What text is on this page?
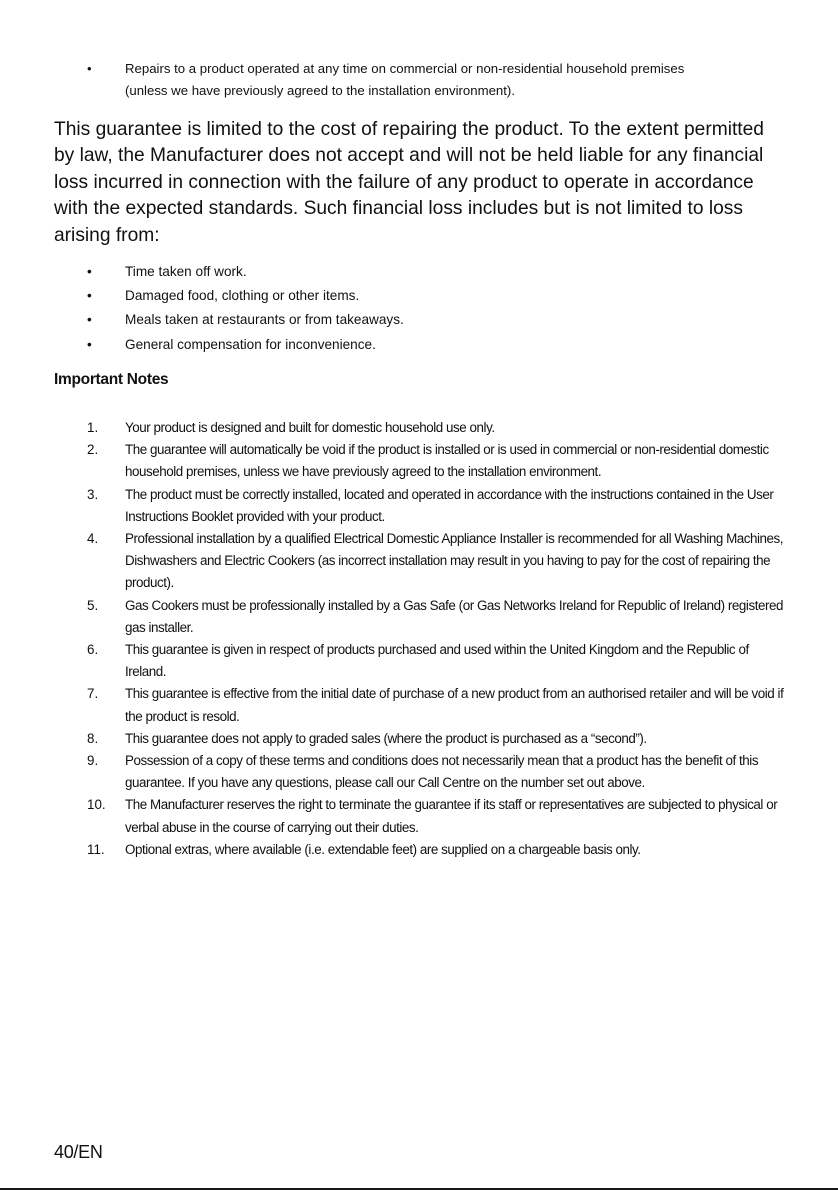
•	Repairs to a product operated at any time on commercial or non-residential household premises
(unless we have previously agreed to the installation environment).

This guarantee is limited to the cost of repairing the product. To the extent permitted by law, the Manufacturer does not accept and will not be held liable for any financial loss incurred in connection with the failure of any product to operate in accordance with the expected standards. Such financial loss includes but is not limited to loss arising from:

• Time taken off work.
• Damaged food, clothing or other items.
• Meals taken at restaurants or from takeaways.
• General compensation for inconvenience.
Important Notes
1. Your product is designed and built for domestic household use only.
2. The guarantee will automatically be void if the product is installed or is used in commercial or non-residential domestic household premises, unless we have previously agreed to the installation environment.
3. The product must be correctly installed, located and operated in accordance with the instructions contained in the User Instructions Booklet provided with your product.
4. Professional installation by a qualified Electrical Domestic Appliance Installer is recommended for all Washing Machines, Dishwashers and Electric Cookers (as incorrect installation may result in you having to pay for the cost of repairing the product).
5. Gas Cookers must be professionally installed by a Gas Safe (or Gas Networks Ireland for Republic of Ireland) registered gas installer.
6. This guarantee is given in respect of products purchased and used within the United Kingdom and the Republic of Ireland.
7. This guarantee is effective from the initial date of purchase of a new product from an authorised retailer and will be void if the product is resold.
8. This guarantee does not apply to graded sales (where the product is purchased as a “second”).
9. Possession of a copy of these terms and conditions does not necessarily mean that a product has the benefit of this guarantee. If you have any questions, please call our Call Centre on the number set out above.
10. The Manufacturer reserves the right to terminate the guarantee if its staff or representatives are subjected to physical or verbal abuse in the course of carrying out their duties.
11. Optional extras, where available (i.e. extendable feet) are supplied on a chargeable basis only.

40/EN
